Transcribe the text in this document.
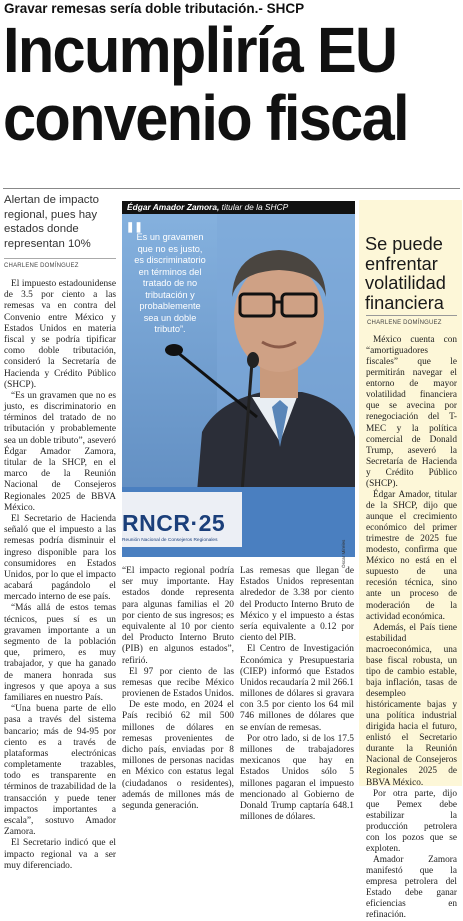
Gravar remesas sería doble tributación.- SHCP
Incumpliría EU
convenio fiscal
Alertan de impacto regional, pues hay estados donde representan 10%
CHARLENE DOMÍNGUEZ

El impuesto estadounidense de 3.5 por ciento a las remesas va en contra del Convenio entre México y Estados Unidos en materia fiscal y se podría tipificar como doble tributación, consideró la Secretaría de Hacienda y Crédito Público (SHCP).

“Es un gravamen que no es justo, es discriminatorio en términos del tratado de no tributación y probablemente sea un doble tributo”, aseveró Édgar Amador Zamora, titular de la SHCP, en el marco de la Reunión Nacional de Consejeros Regionales 2025 de BBVA México.

El Secretario de Hacienda señaló que el impuesto a las remesas podría disminuir el ingreso disponible para los consumidores en Estados Unidos, por lo que el impacto acabará pagándolo el mercado interno de ese país.

“Más allá de estos temas técnicos, pues sí es un gravamen importante a un segmento de la población que, primero, es muy trabajador, y que ha ganado de manera honrada sus ingresos y que apoya a sus familiares en nuestro País.

“Una buena parte de ello pasa a través del sistema bancario; más de 94-95 por ciento es a través de plataformas electrónicas completamente trazables, todo es transparente en términos de trazabilidad de la transacción y puede tener impactos importantes a escala”, sostuvo Amador Zamora.

El Secretario indicó que el impacto regional va a ser muy diferenciado.

Édgar Amador Zamora, titular de la SHCP
❚❚
Es un gravamen que no es justo, es discriminatorio en términos del tratado de no tributación y probablemente sea un doble tributo”.
RNCR·25
Reunión Nacional de Consejeros Regionales	Óscar Mireles

“El impacto regional podría ser muy importante. Hay estados donde representa para algunas familias el 20 por ciento de sus ingresos; es equivalente al 10 por ciento del Producto Interno Bruto (PIB) en algunos estados”, refirió.

El 97 por ciento de las remesas que recibe México provienen de Estados Unidos.

De este modo, en 2024 el País recibió 62 mil 500 millones de dólares en remesas provenientes de dicho país, enviadas por 8 millones de personas nacidas en México con estatus legal (ciudadanos o residentes), además de millones más de segunda generación.

Las remesas que llegan de Estados Unidos representan alrededor de 3.38 por ciento del Producto Interno Bruto de México y el impuesto a éstas sería equivalente a 0.12 por ciento del PIB.

El Centro de Investigación Económica y Presupuestaria (CIEP) informó que Estados Unidos recaudaría 2 mil 266.1 millones de dólares si gravara con 3.5 por ciento los 64 mil 746 millones de dólares que se envían de remesas.

Por otro lado, si de los 17.5 millones de trabajadores mexicanos que hay en Estados Unidos sólo 5 millones pagaran el impuesto mencionado al Gobierno de Donald Trump captaría 648.1 millones de dólares.

Se puede enfrentar volatilidad financiera
CHARLENE DOMÍNGUEZ

México cuenta con “amortiguadores fiscales” que le permitirán navegar el entorno de mayor volatilidad financiera que se avecina por renegociación del T-MEC y la política comercial de Donald Trump, aseveró la Secretaría de Hacienda y Crédito Público (SHCP).

Édgar Amador, titular de la SHCP, dijo que aunque el crecimiento económico del primer trimestre de 2025 fue modesto, confirma que México no está en el supuesto de una recesión técnica, sino ante un proceso de moderación de la actividad económica.

Además, el País tiene estabilidad macroeconómica, una base fiscal robusta, un tipo de cambio estable, baja inflación, tasas de desempleo históricamente bajas y una política industrial dirigida hacia el futuro, enlistó el Secretario durante la Reunión Nacional de Consejeros Regionales 2025 de BBVA México.

Por otra parte, dijo que Pemex debe estabilizar la producción petrolera con los pozos que se exploten.

Amador Zamora manifestó que la empresa petrolera del Estado debe ganar eficiencias en refinación.
